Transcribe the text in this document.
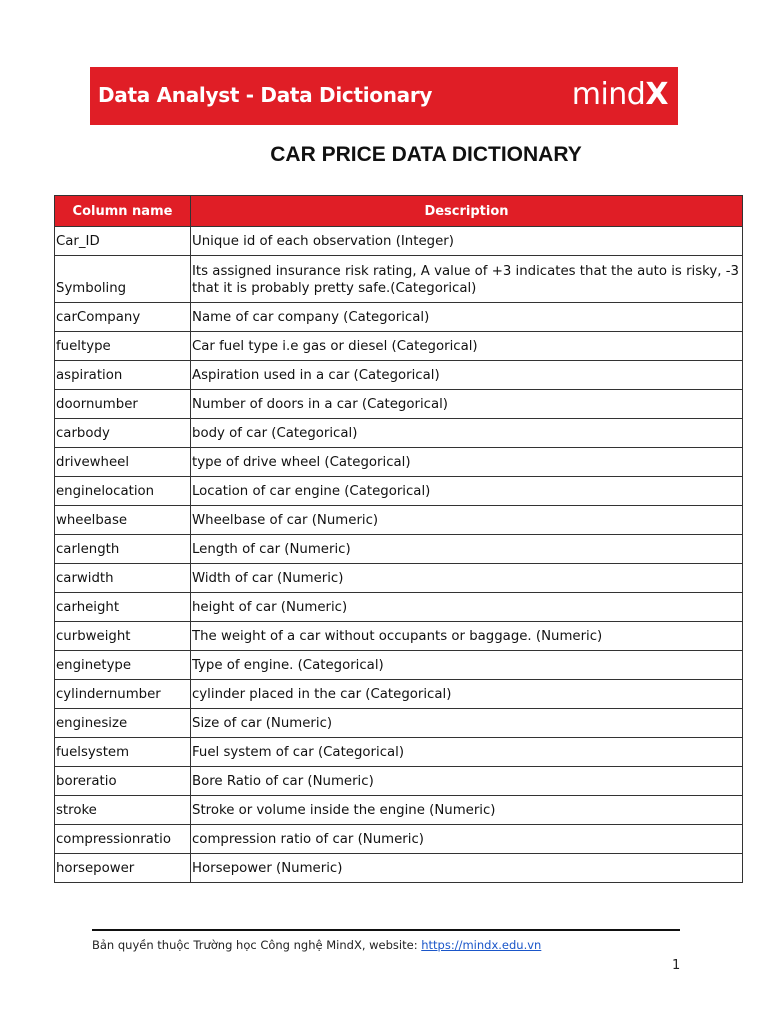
Data Analyst - Data Dictionary	mindX
CAR PRICE DATA DICTIONARY
Column name	Description
Car_ID	Unique id of each observation (Integer)
Symboling	Its assigned insurance risk rating, A value of +3 indicates that the auto is risky, -3 that it is probably pretty safe.(Categorical)
carCompany	Name of car company (Categorical)
fueltype	Car fuel type i.e gas or diesel (Categorical)
aspiration	Aspiration used in a car (Categorical)
doornumber	Number of doors in a car (Categorical)
carbody	body of car (Categorical)
drivewheel	type of drive wheel (Categorical)
enginelocation	Location of car engine (Categorical)
wheelbase	Wheelbase of car (Numeric)
carlength	Length of car (Numeric)
carwidth	Width of car (Numeric)
carheight	height of car (Numeric)
curbweight	The weight of a car without occupants or baggage. (Numeric)
enginetype	Type of engine. (Categorical)
cylindernumber	cylinder placed in the car (Categorical)
enginesize	Size of car (Numeric)
fuelsystem	Fuel system of car (Categorical)
boreratio	Bore Ratio of car (Numeric)
stroke	Stroke or volume inside the engine (Numeric)
compressionratio	compression ratio of car (Numeric)
horsepower	Horsepower (Numeric)
Bản quyền thuộc Trường học Công nghệ MindX, website: https://mindx.edu.vn
1
